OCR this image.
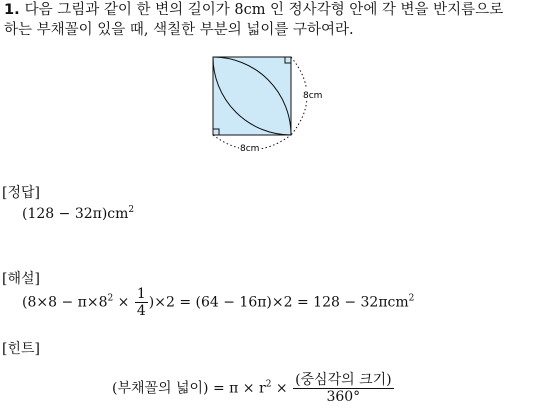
1. 다음 그림과 같이 한 변의 길이가 8cm 인 정사각형 안에 각 변을 반지름으로
하는 부채꼴이 있을 때, 색칠한 부분의 넓이를 구하여라.
8cm
8cm
[정답]
$(128 - 32\pi)cm^2$
[해설]
$(8\times 8 - \pi\times 8^2 \times \frac{1}{4} )\times 2 = (64 - 16\pi)\times 2 = 128 - 32\pi cm^2$
[힌트]
(부채꼴의 넓이) = $\pi \times r^2 \times \frac{\text{(중심각의 크기)}}{360^\circ}$
